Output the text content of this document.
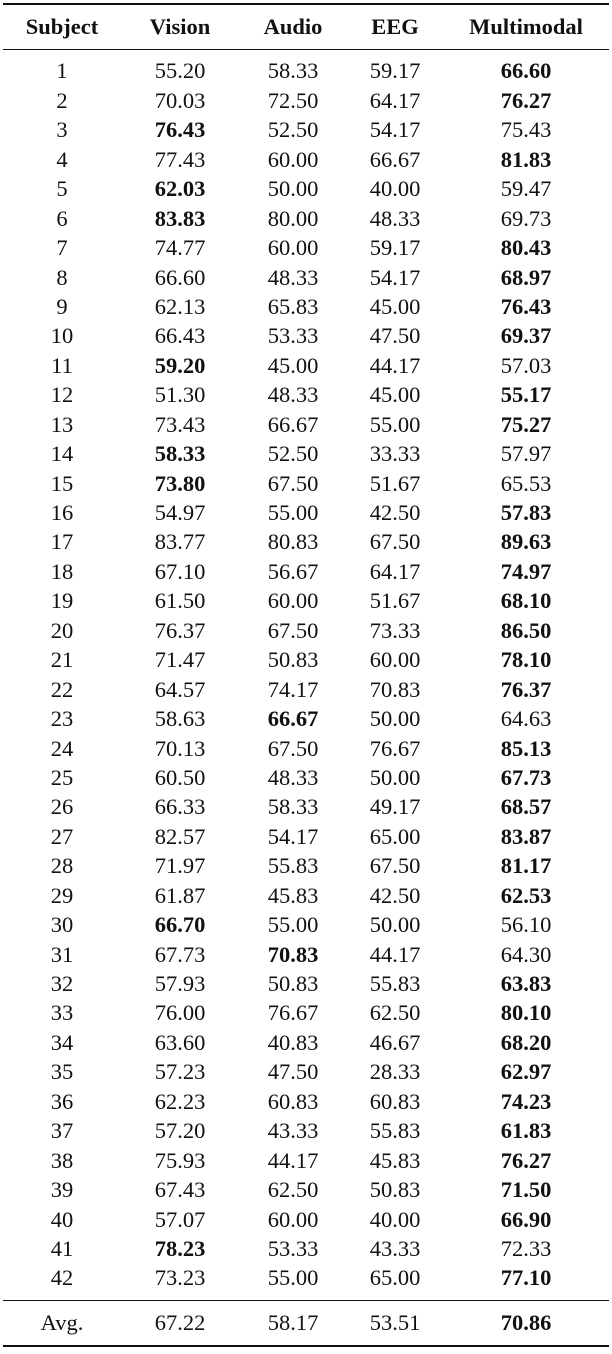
Subject	Vision	Audio	EEG	Multimodal
1	55.20	58.33	59.17	66.60
2	70.03	72.50	64.17	76.27
3	76.43	52.50	54.17	75.43
4	77.43	60.00	66.67	81.83
5	62.03	50.00	40.00	59.47
6	83.83	80.00	48.33	69.73
7	74.77	60.00	59.17	80.43
8	66.60	48.33	54.17	68.97
9	62.13	65.83	45.00	76.43
10	66.43	53.33	47.50	69.37
11	59.20	45.00	44.17	57.03
12	51.30	48.33	45.00	55.17
13	73.43	66.67	55.00	75.27
14	58.33	52.50	33.33	57.97
15	73.80	67.50	51.67	65.53
16	54.97	55.00	42.50	57.83
17	83.77	80.83	67.50	89.63
18	67.10	56.67	64.17	74.97
19	61.50	60.00	51.67	68.10
20	76.37	67.50	73.33	86.50
21	71.47	50.83	60.00	78.10
22	64.57	74.17	70.83	76.37
23	58.63	66.67	50.00	64.63
24	70.13	67.50	76.67	85.13
25	60.50	48.33	50.00	67.73
26	66.33	58.33	49.17	68.57
27	82.57	54.17	65.00	83.87
28	71.97	55.83	67.50	81.17
29	61.87	45.83	42.50	62.53
30	66.70	55.00	50.00	56.10
31	67.73	70.83	44.17	64.30
32	57.93	50.83	55.83	63.83
33	76.00	76.67	62.50	80.10
34	63.60	40.83	46.67	68.20
35	57.23	47.50	28.33	62.97
36	62.23	60.83	60.83	74.23
37	57.20	43.33	55.83	61.83
38	75.93	44.17	45.83	76.27
39	67.43	62.50	50.83	71.50
40	57.07	60.00	40.00	66.90
41	78.23	53.33	43.33	72.33
42	73.23	55.00	65.00	77.10
Avg.	67.22	58.17	53.51	70.86
